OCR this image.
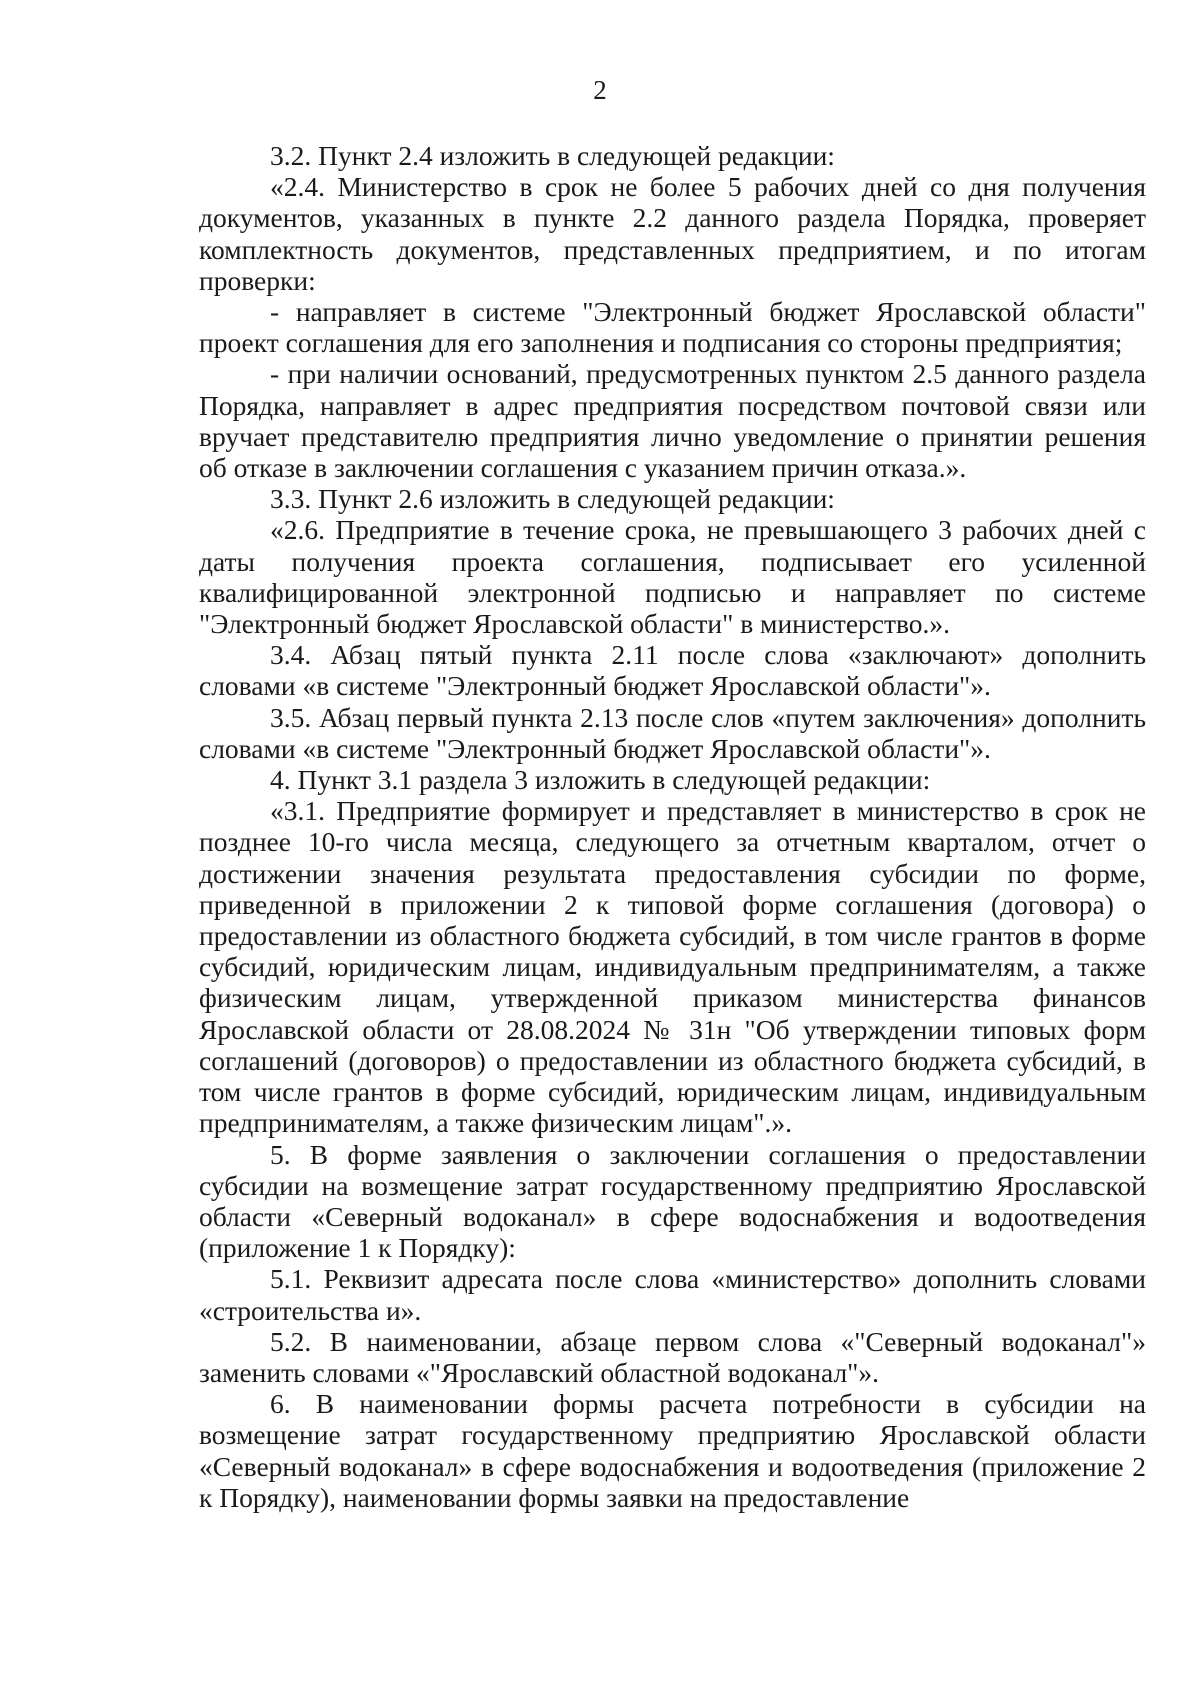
2

3.2. Пункт 2.4 изложить в следующей редакции:

«2.4. Министерство в срок не более 5 рабочих дней со дня получения документов, указанных в пункте 2.2 данного раздела Порядка, проверяет комплектность документов, представленных предприятием, и по итогам проверки:

- направляет в системе "Электронный бюджет Ярославской области" проект соглашения для его заполнения и подписания со стороны предприятия;

- при наличии оснований, предусмотренных пунктом 2.5 данного раздела Порядка, направляет в адрес предприятия посредством почтовой связи или вручает представителю предприятия лично уведомление о принятии решения об отказе в заключении соглашения с указанием причин отказа.».

3.3. Пункт 2.6 изложить в следующей редакции:

«2.6. Предприятие в течение срока, не превышающего 3 рабочих дней с даты получения проекта соглашения, подписывает его усиленной квалифицированной электронной подписью и направляет по системе "Электронный бюджет Ярославской области" в министерство.».

3.4. Абзац пятый пункта 2.11 после слова «заключают» дополнить словами «в системе "Электронный бюджет Ярославской области"».

3.5. Абзац первый пункта 2.13 после слов «путем заключения» дополнить словами «в системе "Электронный бюджет Ярославской области"».

4. Пункт 3.1 раздела 3 изложить в следующей редакции:

«3.1. Предприятие формирует и представляет в министерство в срок не позднее 10-го числа месяца, следующего за отчетным кварталом, отчет о достижении значения результата предоставления субсидии по форме, приведенной в приложении 2 к типовой форме соглашения (договора) о предоставлении из областного бюджета субсидий, в том числе грантов в форме субсидий, юридическим лицам, индивидуальным предпринимателям, а также физическим лицам, утвержденной приказом министерства финансов Ярославской области от 28.08.2024 № 31н "Об утверждении типовых форм соглашений (договоров) о предоставлении из областного бюджета субсидий, в том числе грантов в форме субсидий, юридическим лицам, индивидуальным предпринимателям, а также физическим лицам".».

5. В форме заявления о заключении соглашения о предоставлении субсидии на возмещение затрат государственному предприятию Ярославской области «Северный водоканал» в сфере водоснабжения и водоотведения (приложение 1 к Порядку):

5.1. Реквизит адресата после слова «министерство» дополнить словами «строительства и».

5.2. В наименовании, абзаце первом слова «"Северный водоканал"» заменить словами «"Ярославский областной водоканал"».

6. В наименовании формы расчета потребности в субсидии на возмещение затрат государственному предприятию Ярославской области «Северный водоканал» в сфере водоснабжения и водоотведения (приложение 2 к Порядку), наименовании формы заявки на предоставление
